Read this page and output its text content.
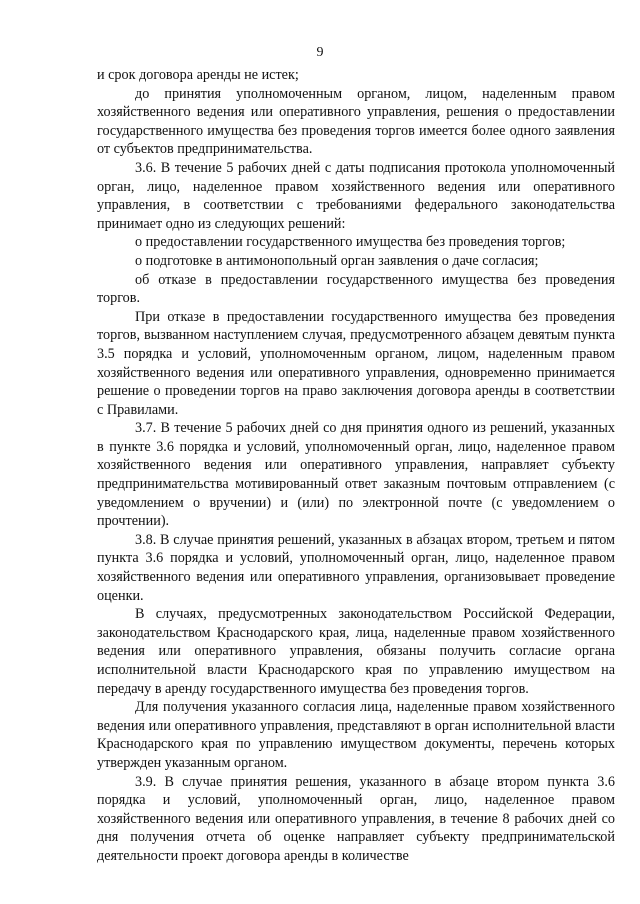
9

и срок договора аренды не истек;

до принятия уполномоченным органом, лицом, наделенным правом хозяйственного ведения или оперативного управления, решения о предоставлении государственного имущества без проведения торгов имеется более одного заявления от субъектов предпринимательства.

3.6. В течение 5 рабочих дней с даты подписания протокола уполномоченный орган, лицо, наделенное правом хозяйственного ведения или оперативного управления, в соответствии с требованиями федерального законодательства принимает одно из следующих решений:

о предоставлении государственного имущества без проведения торгов;

о подготовке в антимонопольный орган заявления о даче согласия;

об отказе в предоставлении государственного имущества без проведения торгов.

При отказе в предоставлении государственного имущества без проведения торгов, вызванном наступлением случая, предусмотренного абзацем девятым пункта 3.5 порядка и условий, уполномоченным органом, лицом, наделенным правом хозяйственного ведения или оперативного управления, одновременно принимается решение о проведении торгов на право заключения договора аренды в соответствии с Правилами.

3.7. В течение 5 рабочих дней со дня принятия одного из решений, указанных в пункте 3.6 порядка и условий, уполномоченный орган, лицо, наделенное правом хозяйственного ведения или оперативного управления, направляет субъекту предпринимательства мотивированный ответ заказным почтовым отправлением (с уведомлением о вручении) и (или) по электронной почте (с уведомлением о прочтении).

3.8. В случае принятия решений, указанных в абзацах втором, третьем и пятом пункта 3.6 порядка и условий, уполномоченный орган, лицо, наделенное правом хозяйственного ведения или оперативного управления, организовывает проведение оценки.

В случаях, предусмотренных законодательством Российской Федерации, законодательством Краснодарского края, лица, наделенные правом хозяйственного ведения или оперативного управления, обязаны получить согласие органа исполнительной власти Краснодарского края по управлению имуществом на передачу в аренду государственного имущества без проведения торгов.

Для получения указанного согласия лица, наделенные правом хозяйственного ведения или оперативного управления, представляют в орган исполнительной власти Краснодарского края по управлению имуществом документы, перечень которых утвержден указанным органом.

3.9. В случае принятия решения, указанного в абзаце втором пункта 3.6 порядка и условий, уполномоченный орган, лицо, наделенное правом хозяйственного ведения или оперативного управления, в течение 8 рабочих дней со дня получения отчета об оценке направляет субъекту предпринимательской деятельности проект договора аренды в количестве
